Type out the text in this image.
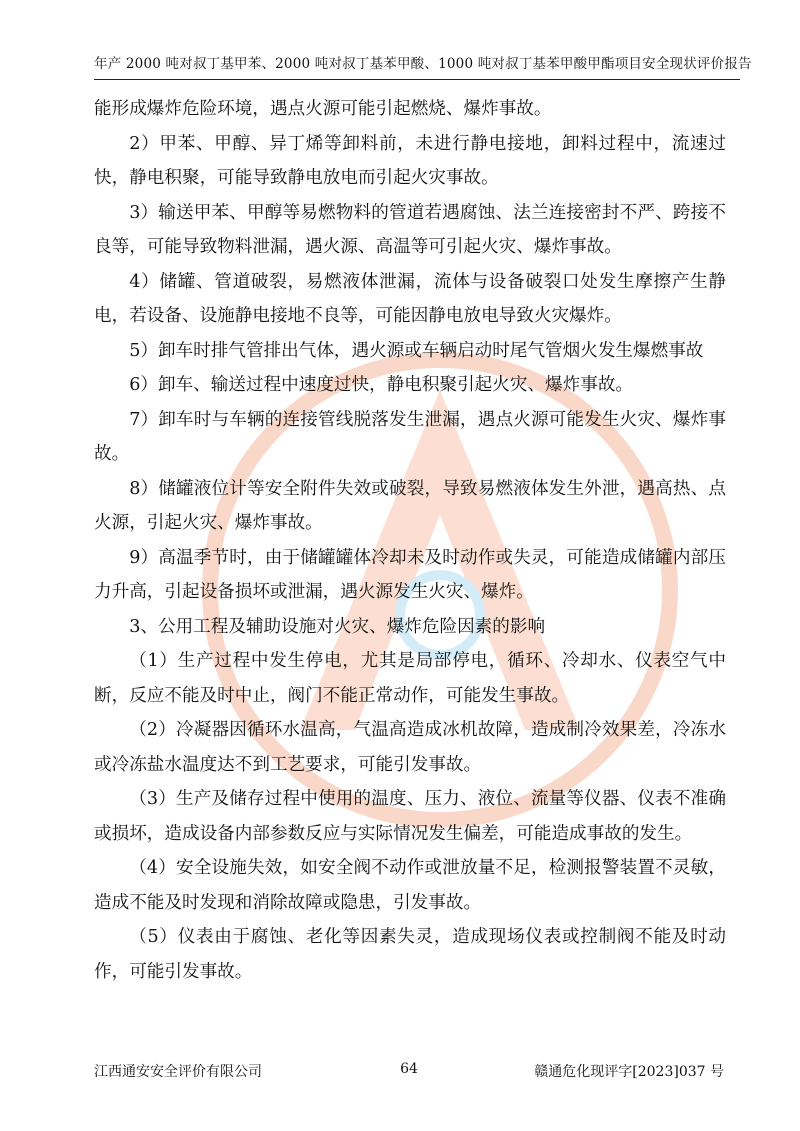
年产 2000 吨对叔丁基甲苯、2000 吨对叔丁基苯甲酸、1000 吨对叔丁基苯甲酸甲酯项目安全现状评价报告

能形成爆炸危险环境，遇点火源可能引起燃烧、爆炸事故。

2）甲苯、甲醇、异丁烯等卸料前，未进行静电接地，卸料过程中，流速过快，静电积聚，可能导致静电放电而引起火灾事故。

3）输送甲苯、甲醇等易燃物料的管道若遇腐蚀、法兰连接密封不严、跨接不良等，可能导致物料泄漏，遇火源、高温等可引起火灾、爆炸事故。

4）储罐、管道破裂，易燃液体泄漏，流体与设备破裂口处发生摩擦产生静电，若设备、设施静电接地不良等，可能因静电放电导致火灾爆炸。

5）卸车时排气管排出气体，遇火源或车辆启动时尾气管烟火发生爆燃事故

6）卸车、输送过程中速度过快，静电积聚引起火灾、爆炸事故。

7）卸车时与车辆的连接管线脱落发生泄漏，遇点火源可能发生火灾、爆炸事故。

8）储罐液位计等安全附件失效或破裂，导致易燃液体发生外泄，遇高热、点火源，引起火灾、爆炸事故。

9）高温季节时，由于储罐罐体冷却未及时动作或失灵，可能造成储罐内部压力升高，引起设备损坏或泄漏，遇火源发生火灾、爆炸。

3、公用工程及辅助设施对火灾、爆炸危险因素的影响

（1）生产过程中发生停电，尤其是局部停电，循环、冷却水、仪表空气中断，反应不能及时中止，阀门不能正常动作，可能发生事故。

（2）冷凝器因循环水温高，气温高造成冰机故障，造成制冷效果差，冷冻水或冷冻盐水温度达不到工艺要求，可能引发事故。

（3）生产及储存过程中使用的温度、压力、液位、流量等仪器、仪表不准确或损坏，造成设备内部参数反应与实际情况发生偏差，可能造成事故的发生。

（4）安全设施失效，如安全阀不动作或泄放量不足，检测报警装置不灵敏，造成不能及时发现和消除故障或隐患，引发事故。

（5）仪表由于腐蚀、老化等因素失灵，造成现场仪表或控制阀不能及时动作，可能引发事故。

江西通安安全评价有限公司	64	赣通危化现评字[2023]037 号
